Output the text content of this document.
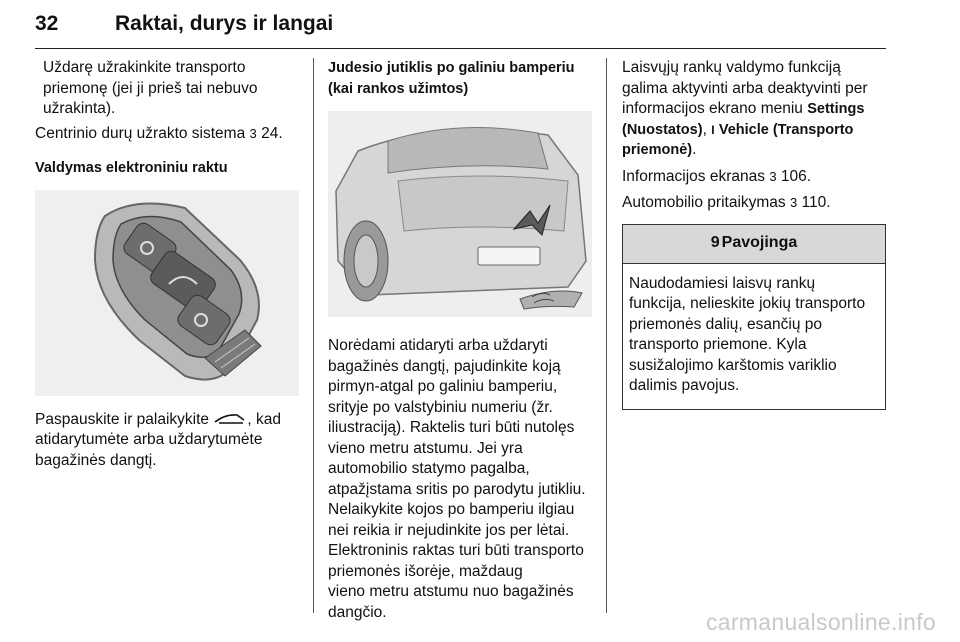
32	Raktai, durys ir langai

Uždarę užrakinkite transporto

priemonę (jei ji prieš tai nebuvo

užrakinta).

Centrinio durų užrakto sistema 3 24.

Valdymas elektroniniu raktu

Paspauskite ir palaikykite , kad

atidarytumėte arba uždarytumėte

bagažinės dangtį.

Judesio jutiklis po galiniu bamperiu

(kai rankos užimtos)

Norėdami atidaryti arba uždaryti

bagažinės dangtį, pajudinkite koją

pirmyn-atgal po galiniu bamperiu,

srityje po valstybiniu numeriu (žr.

iliustraciją). Raktelis turi būti nutolęs

vieno metru atstumu. Jei yra

automobilio statymo pagalba,

atpažįstama sritis po parodytu jutikliu.

Nelaikykite kojos po bamperiu ilgiau

nei reikia ir nejudinkite jos per lėtai.

Elektroninis raktas turi būti transporto

priemonės išorėje, maždaug

vieno metru atstumu nuo bagažinės

dangčio.

Laisvųjų rankų valdymo funkciją

galima aktyvinti arba deaktyvinti per

informacijos ekrano meniu Settings

(Nuostatos), I Vehicle (Transporto

priemonė).

Informacijos ekranas 3 106.

Automobilio pritaikymas 3 110.

9 Pavojinga

Naudodamiesi laisvų rankų

funkcija, nelieskite jokių transporto

priemonės dalių, esančių po

transporto priemone. Kyla

susižalojimo karštomis variklio

dalimis pavojus.

carmanualsonline.info
